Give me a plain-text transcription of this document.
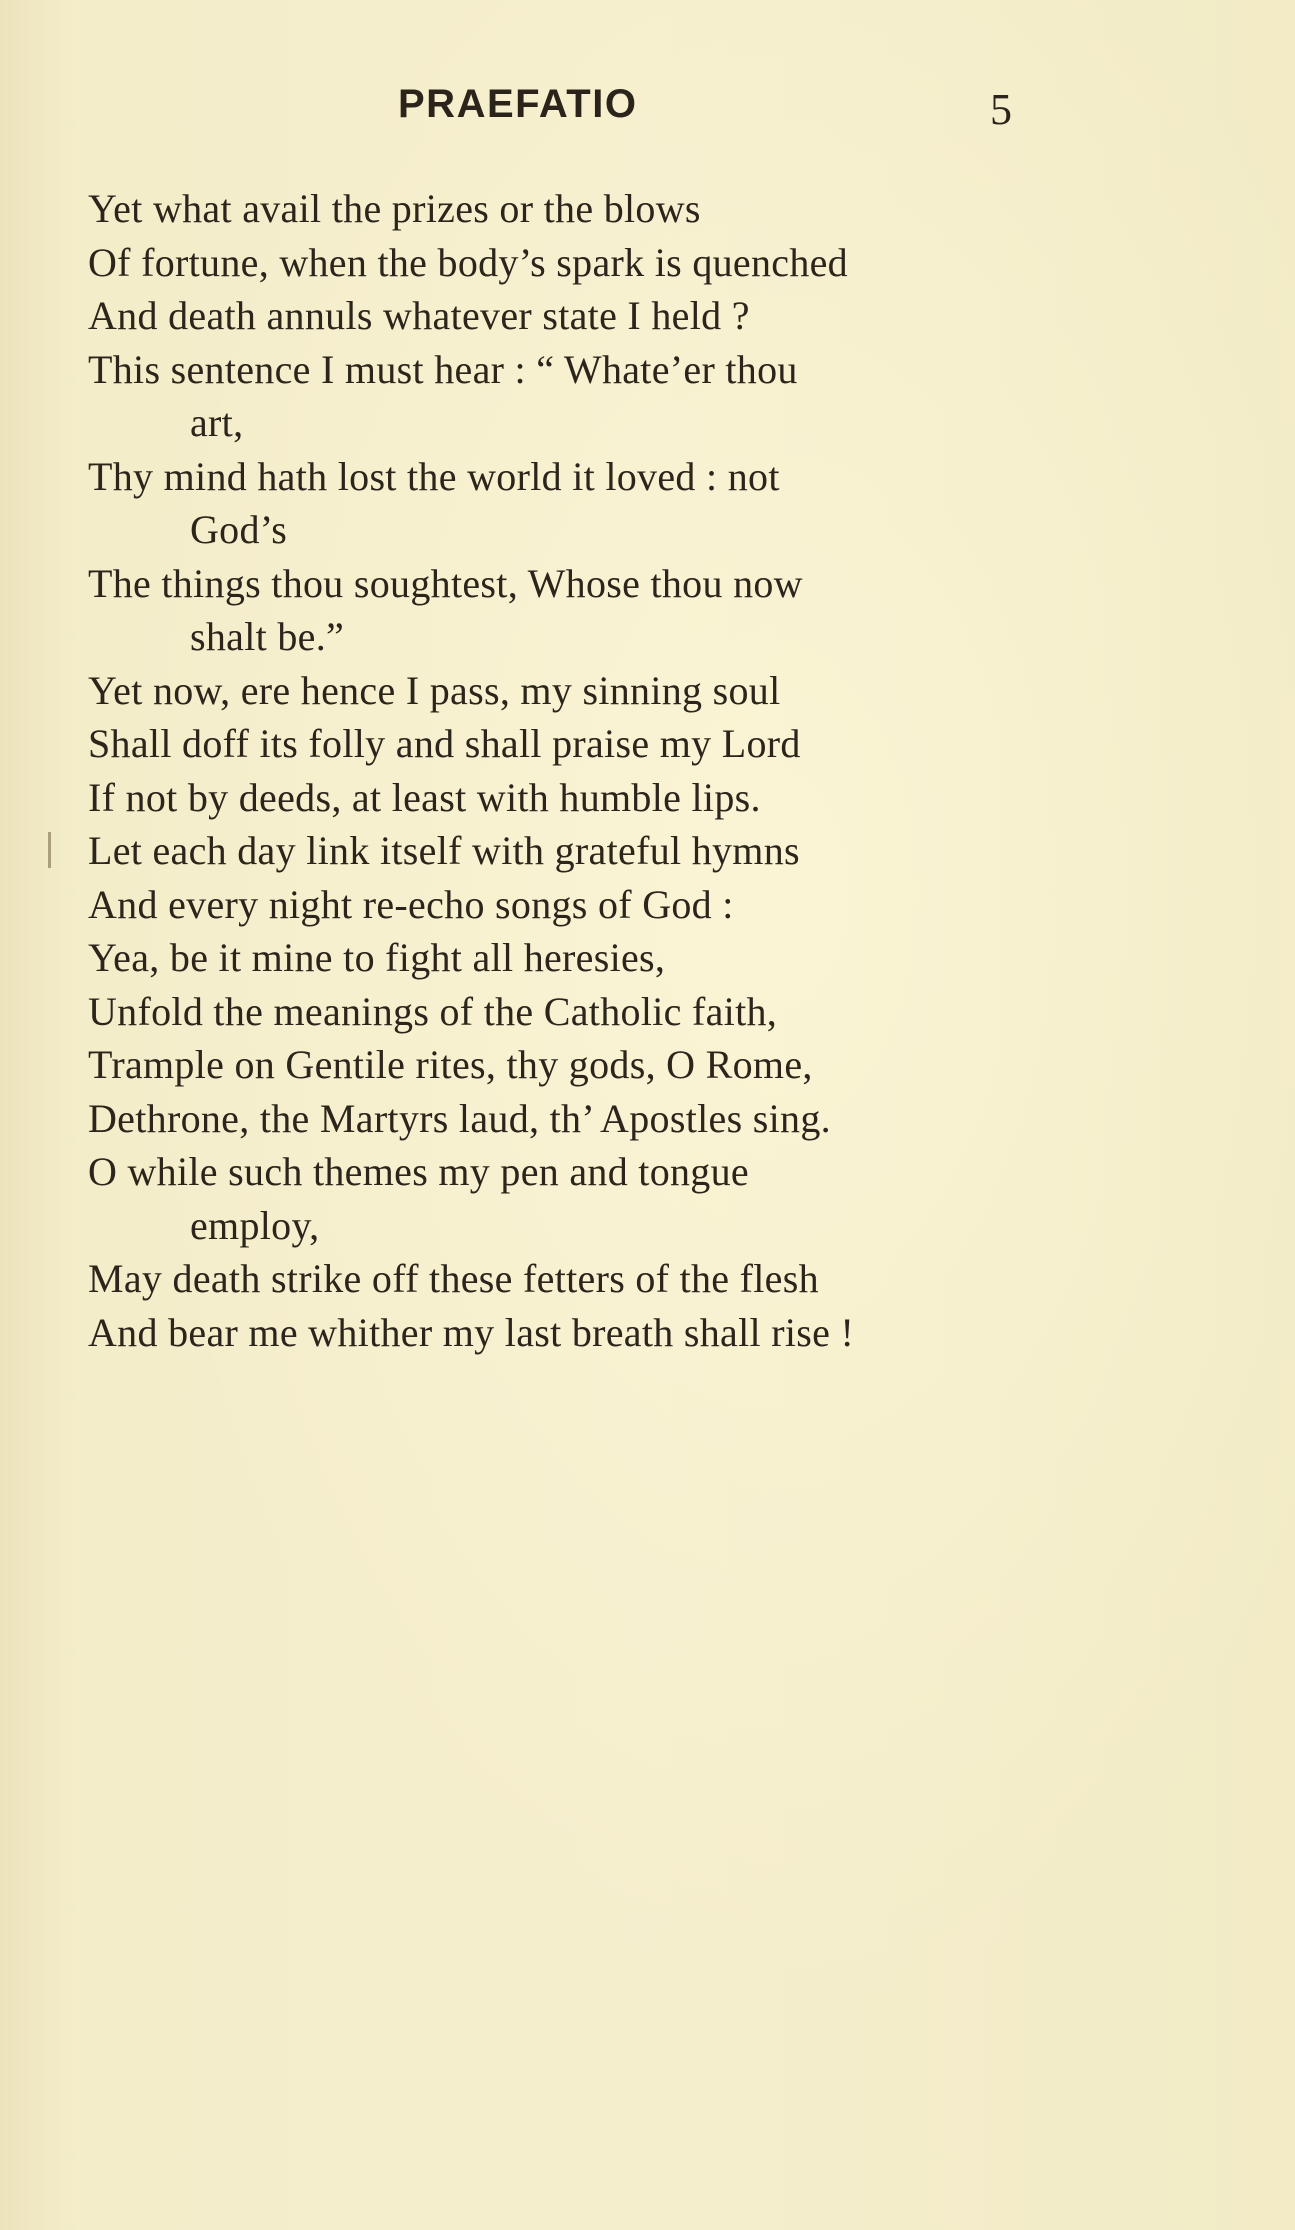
PRAEFATIO	5
Yet what avail the prizes or the blows
Of fortune, when the body’s spark is quenched
And death annuls whatever state I held ?
This sentence I must hear : “ Whate’er thou
art,
Thy mind hath lost the world it loved : not
God’s
The things thou soughtest, Whose thou now
shalt be.”
Yet now, ere hence I pass, my sinning soul
Shall doff its folly and shall praise my Lord
If not by deeds, at least with humble lips.
Let each day link itself with grateful hymns
And every night re-echo songs of God :
Yea, be it mine to fight all heresies,
Unfold the meanings of the Catholic faith,
Trample on Gentile rites, thy gods, O Rome,
Dethrone, the Martyrs laud, th’ Apostles sing.
O while such themes my pen and tongue
employ,
May death strike off these fetters of the flesh
And bear me whither my last breath shall rise !
